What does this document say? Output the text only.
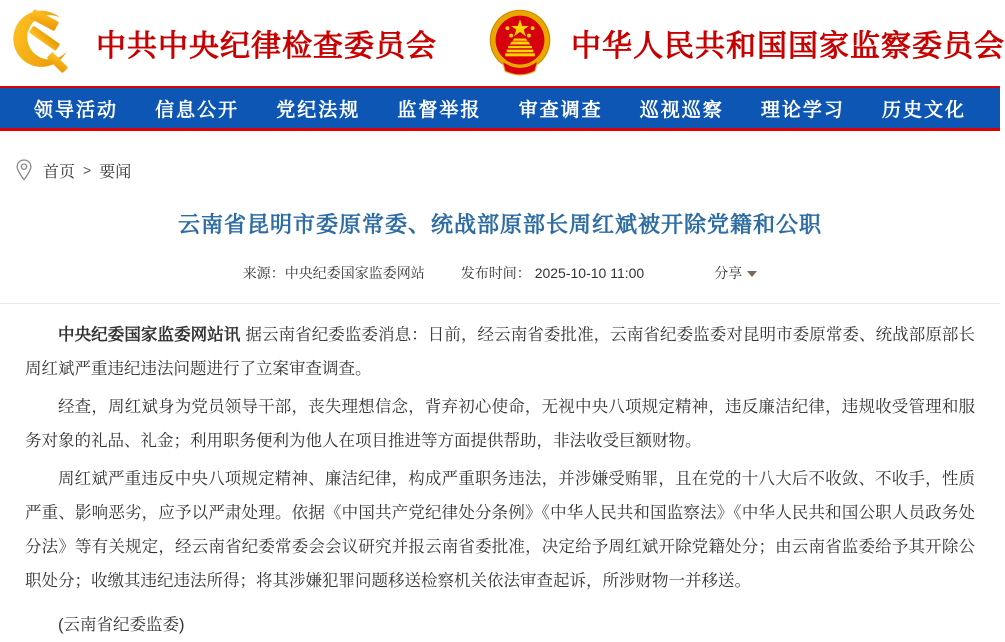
中共中央纪律检查委员会	中华人民共和国国家监察委员会
领导活动 信息公开 党纪法规 监督举报 审查调查 巡视巡察 理论学习 历史文化
首页 > 要闻
云南省昆明市委原常委、统战部原部长周红斌被开除党籍和公职
来源：中央纪委国家监委网站	发布时间： 2025-10-10 11:00	分享

中央纪委国家监委网站讯 据云南省纪委监委消息：日前，经云南省委批准，云南省纪委监委对昆明市委原常委、统战部原部长周红斌严重违纪违法问题进行了立案审查调查。

经查，周红斌身为党员领导干部，丧失理想信念，背弃初心使命，无视中央八项规定精神，违反廉洁纪律，违规收受管理和服务对象的礼品、礼金；利用职务便利为他人在项目推进等方面提供帮助，非法收受巨额财物。

周红斌严重违反中央八项规定精神、廉洁纪律，构成严重职务违法，并涉嫌受贿罪，且在党的十八大后不收敛、不收手，性质严重、影响恶劣，应予以严肃处理。依据《中国共产党纪律处分条例》《中华人民共和国监察法》《中华人民共和国公职人员政务处分法》等有关规定，经云南省纪委常委会会议研究并报云南省委批准，决定给予周红斌开除党籍处分；由云南省监委给予其开除公职处分；收缴其违纪违法所得；将其涉嫌犯罪问题移送检察机关依法审查起诉，所涉财物一并移送。

(云南省纪委监委)
